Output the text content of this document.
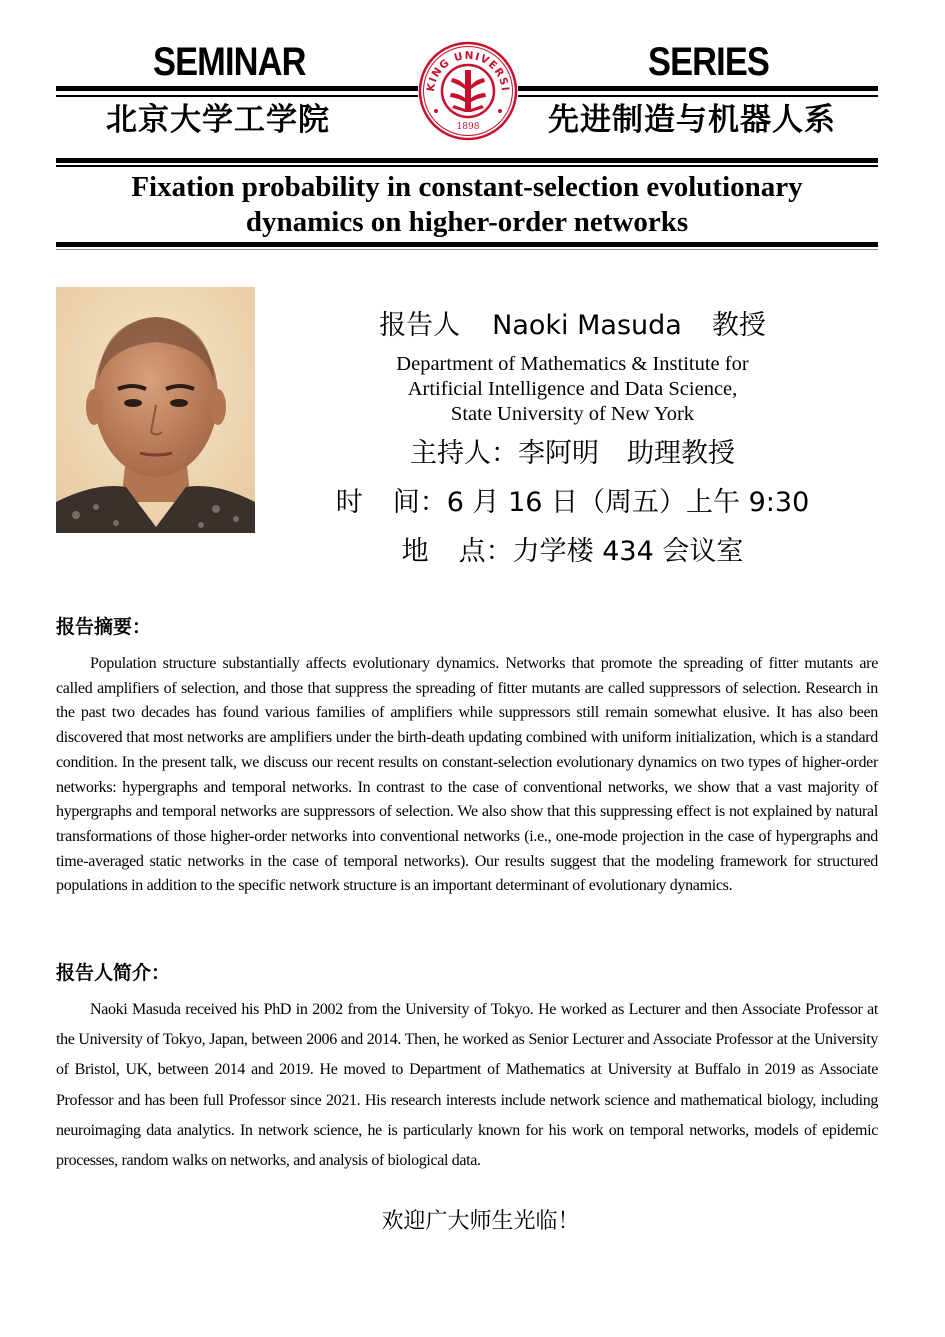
SEMINAR	SERIES
北京大学工学院	先进制造与机器人系
KING UNIVERSI
1898
Fixation probability in constant-selection evolutionary
dynamics on higher-order networks
报告人 Naoki Masuda 教授
Department of Mathematics & Institute for
Artificial Intelligence and Data Science,
State University of New York
主持人：李阿明 助理教授
时 间：6 月 16 日（周五）上午 9:30
地 点：力学楼 434 会议室
报告摘要：

Population structure substantially affects evolutionary dynamics. Networks that promote the spreading of fitter mutants are called amplifiers of selection, and those that suppress the spreading of fitter mutants are called suppressors of selection. Research in the past two decades has found various families of amplifiers while suppressors still remain somewhat elusive. It has also been discovered that most networks are amplifiers under the birth-death updating combined with uniform initialization, which is a standard condition. In the present talk, we discuss our recent results on constant-selection evolutionary dynamics on two types of higher-order networks: hypergraphs and temporal networks. In contrast to the case of conventional networks, we show that a vast majority of hypergraphs and temporal networks are suppressors of selection. We also show that this suppressing effect is not explained by natural transformations of those higher-order networks into conventional networks (i.e., one-mode projection in the case of hypergraphs and time-averaged static networks in the case of temporal networks). Our results suggest that the modeling framework for structured populations in addition to the specific network structure is an important determinant of evolutionary dynamics.

报告人简介：

Naoki Masuda received his PhD in 2002 from the University of Tokyo. He worked as Lecturer and then Associate Professor at the University of Tokyo, Japan, between 2006 and 2014. Then, he worked as Senior Lecturer and Associate Professor at the University of Bristol, UK, between 2014 and 2019. He moved to Department of Mathematics at University at Buffalo in 2019 as Associate Professor and has been full Professor since 2021. His research interests include network science and mathematical biology, including neuroimaging data analytics. In network science, he is particularly known for his work on temporal networks, models of epidemic processes, random walks on networks, and analysis of biological data.

欢迎广大师生光临！
